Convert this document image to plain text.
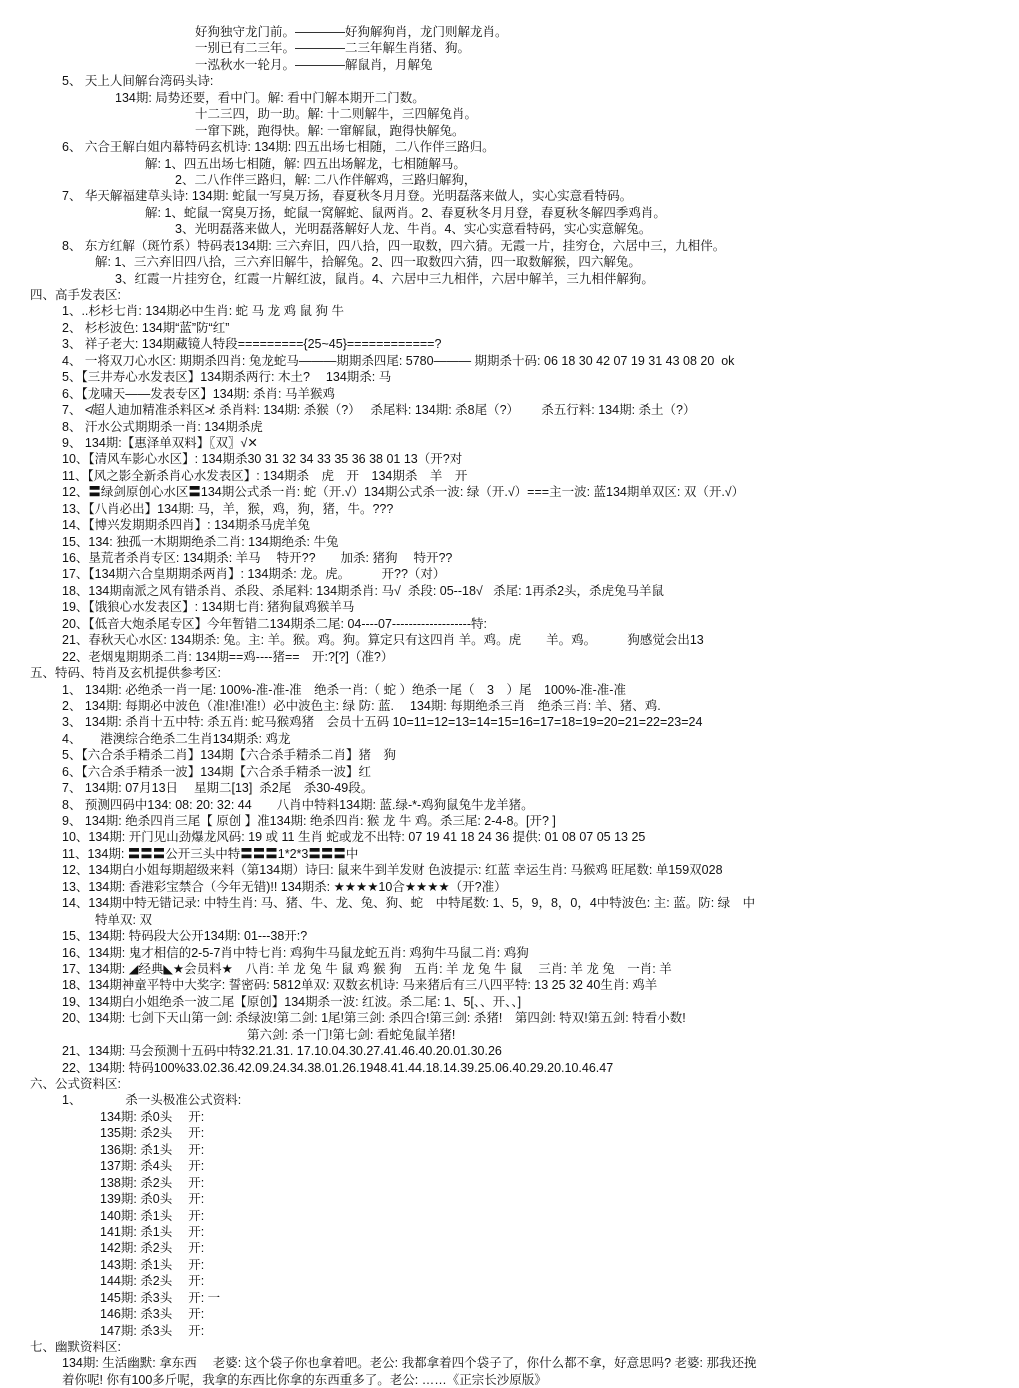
好狗独守龙门前。————好狗解狗肖，龙门则解龙肖。
一别已有二三年。————二三年解生肖猪、狗。
一泓秋水一轮月。————解鼠肖，月解兔
5、 天上人间解台湾码头诗:
134期: 局势还要，看中门。解: 看中门解本期开二门数。
十二三四，助一助。解: 十二则解牛，三四解兔肖。
一窜下跳，跑得快。解: 一窜解鼠，跑得快解兔。
6、 六合王解白姐内幕特码玄机诗: 134期: 四五出场七相随，二八作伴三路归。
解: 1、四五出场七相随，解: 四五出场解龙，七相随解马。
2、二八作伴三路归，解: 二八作伴解鸡，三路归解狗，
7、 华天解福建草头诗: 134期: 蛇鼠一写臭万扬，春夏秋冬月月登。光明磊落来做人，实心实意看特码。
解: 1、蛇鼠一窝臭万扬，蛇鼠一窝解蛇、鼠两肖。2、春夏秋冬月月登，春夏秋冬解四季鸡肖。
3、光明磊落来做人，光明磊落解好人龙、牛肖。4、实心实意看特码，实心实意解兔。
8、 东方红解（斑竹系）特码表134期: 三六弃旧，四八拾，四一取数，四六猜。无霞一片，挂穷仓，六居中三，九相伴。
解: 1、三六弃旧四八拾，三六弃旧解牛，拾解兔。2、四一取数四六猜，四一取数解猴，四六解兔。
3、红霞一片挂穷仓，红霞一片解红波，鼠肖。4、六居中三九相伴，六居中解羊，三九相伴解狗。
四、高手发表区:
1、..杉杉七肖: 134期必中生肖: 蛇 马 龙 鸡 鼠 狗 牛
2、 杉杉波色: 134期“蓝”防“红”
3、 祥子老大: 134期藏镜人特段========={25~45}============?
4、 一将双刀心水区: 期期杀四肖: 兔龙蛇马———期期杀四尾: 5780——— 期期杀十码: 06 18 30 42 07 19 31 43 08 20  ok
5、【三井寿心水发表区】134期杀两行: 木土?　 134期杀: 马
6、【龙啸天——发表专区】134期: 杀肖: 马羊猴鸡
7、 ≮超人迪加精准杀料区≯: 杀肖料: 134期: 杀猴（?）　 杀尾料: 134期: 杀8尾（?）　　 杀五行料: 134期: 杀土（?）
8、 汗水公式期期杀一肖: 134期杀虎
9、 134期:【惠泽单双料】〖双〗√✕
10、【清风车影心水区】: 134期杀30 31 32 34 33 35 36 38 01 13（开?对
11、【风之影全新杀肖心水发表区】: 134期杀　虎　开　134期杀　羊　开
12、〓绿剑原创心水区〓134期公式杀一肖: 蛇（开.√）134期公式杀一波: 绿（开.√）===主一波: 蓝134期单双区: 双（开.√）
13、【八肖必出】134期: 马，羊，猴，鸡，狗，猪，牛。???
14、【博兴发期期杀四肖】: 134期杀马虎羊兔
15、134: 独孤一木期期绝杀二肖: 134期绝杀: 牛兔
16、垦荒者杀肖专区: 134期杀: 羊马　 特开??　　加杀: 猪狗　 特开??
17、【134期六合皇期期杀两肖】: 134期杀: 龙。虎。　　　开??（对）
18、134期南派之风有错杀肖、杀段、杀尾料: 134期杀肖: 马√  杀段: 05--18√   杀尾: 1再杀2头，杀虎兔马羊鼠
19、【饿狼心水发表区】: 134期七肖: 猪狗鼠鸡猴羊马
20、【低音大炮杀尾专区】今年暂错二134期杀二尾: 04----07-------------------特:
21、春秋天心水区: 134期杀: 兔。主: 羊。猴。鸡。狗。算定只有这四肖 羊。鸡。虎　　羊。鸡。　　　狗感觉会出13
22、老烟鬼期期杀二肖: 134期==鸡----猪==　开:?[?]（准?）
五、特码、特肖及玄机提供参考区:
1、 134期: 必绝杀一肖一尾: 100%-准-准-准　绝杀一肖:（ 蛇 ）绝杀一尾（　3　）尾　100%-准-准-准
2、 134期: 每期必中波色（准!准!准!）必中波色主: 绿 防: 蓝.　 134期: 每期绝杀三肖　绝杀三肖: 羊、猪、鸡.
3、 134期: 杀肖十五中特: 杀五肖: 蛇马猴鸡猪　会员十五码 10=11=12=13=14=15=16=17=18=19=20=21=22=23=24
4、　　港澳综合绝杀二生肖134期杀: 鸡龙
5、【六合杀手精杀二肖】134期【六合杀手精杀二肖】猪　狗
6、【六合杀手精杀一波】134期【六合杀手精杀一波】红
7、 134期: 07月13日　 星期二[13]  杀2尾　杀30-49段。
8、 预测四码中134: 08: 20: 32: 44　　八肖中特料134期: 蓝.绿-*-鸡狗鼠兔牛龙羊猪。
9、 134期: 绝杀四肖三尾【 原创 】准134期: 绝杀四肖: 猴 龙 牛 鸡。杀三尾: 2-4-8。[开? ]
10、134期: 开门见山劲爆龙风码: 19 或 11 生肖 蛇或龙不出特: 07 19 41 18 24 36 提供: 01 08 07 05 13 25
11、134期: 〓〓〓公开三头中特〓〓〓1*2*3〓〓〓中
12、134期白小姐每期超级来料（第134期）诗曰: 鼠来牛到羊发财 色波提示: 红蓝 幸运生肖: 马猴鸡 旺尾数: 单159双028
13、134期: 香港彩宝禁合（今年无错)!! 134期杀: ★★★★10合★★★★（开?准）
14、134期中特无错记录: 中特生肖: 马、猪、牛、龙、兔、狗、蛇　中特尾数: 1、5，9，8，0，4中特波色: 主: 蓝。防: 绿　中
特单双: 双
15、134期: 特码段大公开134期: 01---38开:?
16、134期: 鬼才相信的2-5-7肖中特七肖: 鸡狗牛马鼠龙蛇五肖: 鸡狗牛马鼠二肖: 鸡狗
17、134期: ◢经典◣★会员料★　八肖: 羊 龙 兔 牛 鼠 鸡 猴 狗　五肖: 羊 龙 兔 牛 鼠　 三肖: 羊 龙 兔　一肖: 羊
18、134期神童平特中大奖字: 誓密码: 5812单双: 双数玄机诗: 马来猪后有三八四平特: 13 25 32 40生肖: 鸡羊
19、134期白小姐绝杀一波二尾【原创】134期杀一波: 红波。杀二尾: 1、5[、、开、、]
20、134期: 七剑下天山第一剑: 杀绿波!第二剑: 1尾!第三剑: 杀四合!第三剑: 杀猪!　第四剑: 特双!第五剑: 特看小数!
第六剑: 杀一门!第七剑: 看蛇兔鼠羊猪!
21、134期: 马会预测十五码中特32.21.31. 17.10.04.30.27.41.46.40.20.01.30.26
22、134期: 特码100%33.02.36.42.09.24.34.38.01.26.1948.41.44.18.14.39.25.06.40.29.20.10.46.47
六、公式资料区:
1、　　　　杀一头极准公式资料:
134期: 杀0头　 开:
135期: 杀2头　 开:
136期: 杀1头　 开:
137期: 杀4头　 开:
138期: 杀2头　 开:
139期: 杀0头　 开:
140期: 杀1头　 开:
141期: 杀1头　 开:
142期: 杀2头　 开:
143期: 杀1头　 开:
144期: 杀2头　 开:
145期: 杀3头　 开: 一
146期: 杀3头　 开:
147期: 杀3头　 开:
七、幽默资料区:
134期: 生活幽默: 拿东西　 老婆: 这个袋子你也拿着吧。老公: 我都拿着四个袋子了，你什么都不拿，好意思吗? 老婆: 那我还挽
着你呢! 你有100多斤呢，我拿的东西比你拿的东西重多了。老公: ……《正宗长沙原版》
